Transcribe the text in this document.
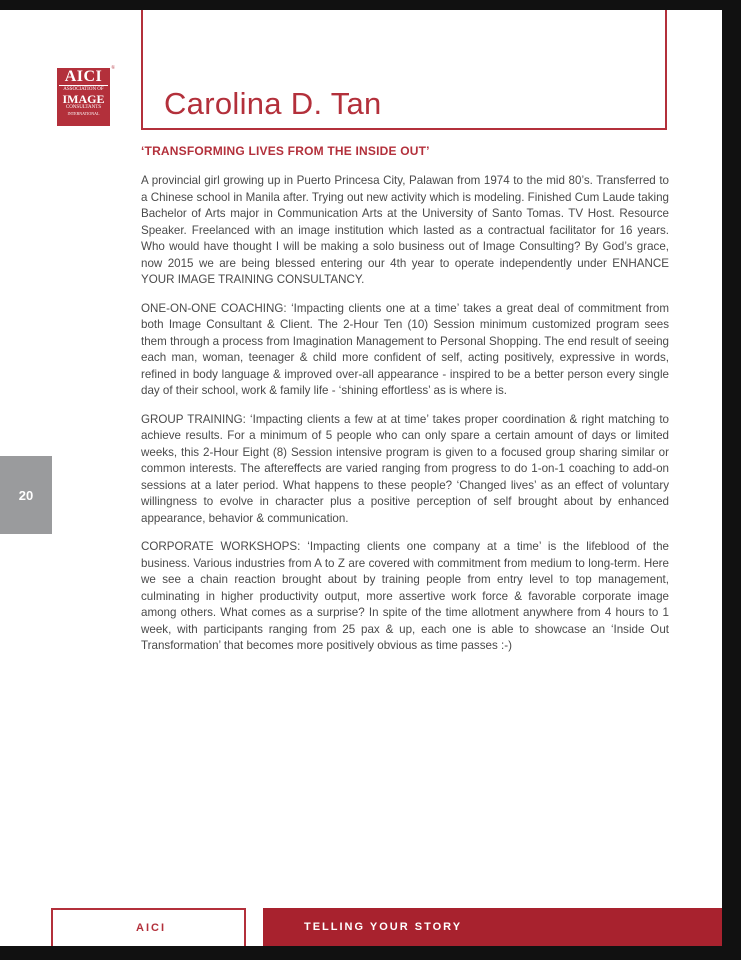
®
AICI
ASSOCIATION OF
IMAGE
CONSULTANTS
INTERNATIONAL	Carolina D. Tan
‘TRANSFORMING LIVES FROM THE INSIDE OUT’

A provincial girl growing up in Puerto Princesa City, Palawan from 1974 to the mid 80’s. Transferred to a Chinese school in Manila after. Trying out new activity which is modeling. Finished Cum Laude taking Bachelor of Arts major in Communication Arts at the University of Santo Tomas. TV Host. Resource Speaker. Freelanced with an image institution which lasted as a contractual facilitator for 16 years. Who would have thought I will be making a solo business out of Image Consulting? By God’s grace, now 2015 we are being blessed entering our 4th year to operate independently under ENHANCE YOUR IMAGE TRAINING CONSULTANCY.

ONE-ON-ONE COACHING: ‘Impacting clients one at a time’ takes a great deal of commitment from both Image Consultant & Client. The 2-Hour Ten (10) Session minimum customized program sees them through a process from Imagination Management to Personal Shopping. The end result of seeing each man, woman, teenager & child more confident of self, acting positively, expressive in words, refined in body language & improved over-all appearance - inspired to be a better person every single day of their school, work & family life - ‘shining effortless’ as is where is.

GROUP TRAINING: ‘Impacting clients a few at at time’ takes proper coordination & right matching to achieve results. For a minimum of 5 people who can only spare a certain amount of days or limited weeks, this 2-Hour Eight (8) Session intensive program is given to a focused group sharing similar or common interests. The aftereffects are varied ranging from progress to do 1-on-1 coaching to add-on sessions at a later period. What happens to these people? ‘Changed lives’ as an effect of voluntary willingness to evolve in character plus a positive perception of self brought about by enhanced appearance, behavior & communication.

CORPORATE WORKSHOPS: ‘Impacting clients one company at a time’ is the lifeblood of the business. Various industries from A to Z are covered with commitment from medium to long-term. Here we see a chain reaction brought about by training people from entry level to top management, culminating in higher productivity output, more assertive work force & favorable corporate image among others. What comes as a surprise? In spite of the time allotment anywhere from 4 hours to 1 week, with participants ranging from 25 pax & up, each one is able to showcase an ‘Inside Out Transformation’ that becomes more positively obvious as time passes :-)

20
AICI	TELLING YOUR STORY
